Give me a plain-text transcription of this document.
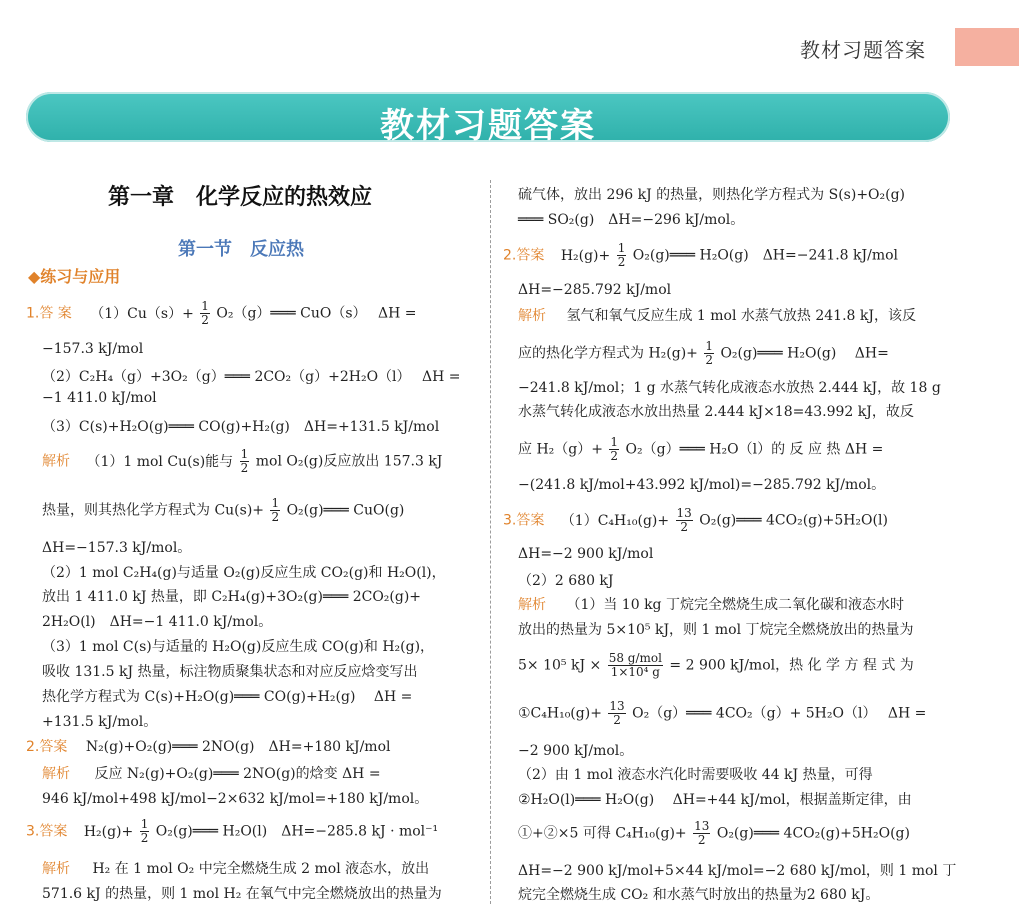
教材习题答案
教材习题答案
第一章　化学反应的热效应
第一节　反应热
◆练习与应用
1.答 案 $(1)Cu(s)+ \frac{1}{2}$ O₂（g）═══ CuO（s）　 ΔH =
−157.3 kJ/mol
（2）C₂H₄（g）+3O₂（g）═══ 2CO₂（g）+2H₂O（l）　 ΔH =
−1 411.0 kJ/mol
（3）C(s)+H₂O(g)═══ CO(g)+H₂(g)　ΔH=+131.5 kJ/mol
解析 （1）1 mol Cu(s)能与 $\frac{1}{2}$ mol O₂(g)反应放出 157.3 kJ
热量，则其热化学方程式为 $Cu(s)+ \frac{1}{2}$ O₂(g)═══ CuO(g)
ΔH=−157.3 kJ/mol。
（2）1 mol C₂H₄(g)与适量 O₂(g)反应生成 CO₂(g)和 H₂O(l)，
放出 1 411.0 kJ 热量，即 C₂H₄(g)+3O₂(g)═══ 2CO₂(g)+
2H₂O(l)　ΔH=−1 411.0 kJ/mol。
（3）1 mol C(s)与适量的 H₂O(g)反应生成 CO(g)和 H₂(g)，
吸收 131.5 kJ 热量，标注物质聚集状态和对应反应焓变写出
热化学方程式为 C(s)+H₂O(g)═══ CO(g)+H₂(g)　 ΔH =
+131.5 kJ/mol。
2.答案 N₂(g)+O₂(g)═══ 2NO(g)　ΔH=+180 kJ/mol
解析 反应 N₂(g)+O₂(g)═══ 2NO(g)的焓变 ΔH =
946 kJ/mol+498 kJ/mol−2×632 kJ/mol=+180 kJ/mol。
3.答案 $H_2(g)+ \frac{1}{2}$ O₂(g)═══ H₂O(l)　ΔH=−285.8 kJ · mol⁻¹
解析 H₂ 在 1 mol O₂ 中完全燃烧生成 2 mol 液态水，放出
571.6 kJ 的热量，则 1 mol H₂ 在氧气中完全燃烧放出的热量为
硫气体，放出 296 kJ 的热量，则热化学方程式为 S(s)+O₂(g)
═══ SO₂(g)　ΔH=−296 kJ/mol。
2.答案 $H_2(g)+ \frac{1}{2}$ O₂(g)═══ H₂O(g)　ΔH=−241.8 kJ/mol
ΔH=−285.792 kJ/mol
解析 氢气和氧气反应生成 1 mol 水蒸气放热 241.8 kJ，该反
应的热化学方程式为 $H_2(g)+ \frac{1}{2}$ O₂(g)═══ H₂O(g)　 ΔH=
−241.8 kJ/mol；1 g 水蒸气转化成液态水放热 2.444 kJ，故 18 g
水蒸气转化成液态水放出热量 2.444 kJ×18=43.992 kJ，故反
应 $H_2(g)+ \frac{1}{2}$ O₂（g）═══ H₂O（l）的 反 应 热 ΔH =
−(241.8 kJ/mol+43.992 kJ/mol)=−285.792 kJ/mol。
3.答案 $(1)C_4H_{10}(g)+ \frac{13}{2}$ O₂(g)═══ 4CO₂(g)+5H₂O(l)
ΔH=−2 900 kJ/mol
（2）2 680 kJ
解析 （1）当 10 kg 丁烷完全燃烧生成二氧化碳和液态水时
放出的热量为 5×10⁵ kJ，则 1 mol 丁烷完全燃烧放出的热量为
5× 10⁵ kJ × $\frac{\text{58 g/mol}}{\text{1×10⁴ g}} = 2$ 900 kJ/mol，热 化 学 方 程 式 为
①C₄H₁₀(g)+ $\frac{13}{2}$ O₂（g）═══ 4CO₂（g）+ 5H₂O（l）　 ΔH =
−2 900 kJ/mol。
（2）由 1 mol 液态水汽化时需要吸收 44 kJ 热量，可得
②H₂O(l)═══ H₂O(g)　 ΔH=+44 kJ/mol，根据盖斯定律，由
①+②×5 可得 $C_4H_{10}(g)+ \frac{13}{2}$ O₂(g)═══ 4CO₂(g)+5H₂O(g)
ΔH=−2 900 kJ/mol+5×44 kJ/mol=−2 680 kJ/mol，则 1 mol 丁
烷完全燃烧生成 CO₂ 和水蒸气时放出的热量为2 680 kJ。
